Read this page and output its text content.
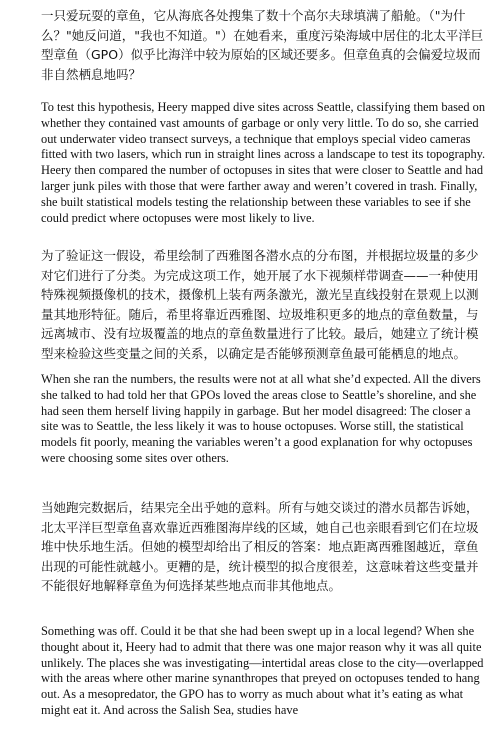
一只爱玩耍的章鱼，它从海底各处搜集了数十个高尔夫球填满了船舱。（"为什么？"她反问道，"我也不知道。"）在她看来，重度污染海域中居住的北太平洋巨型章鱼（GPO）似乎比海洋中较为原始的区域还要多。但章鱼真的会偏爱垃圾而非自然栖息地吗？

To test this hypothesis, Heery mapped dive sites across Seattle, classifying them based on whether they contained vast amounts of garbage or only very little. To do so, she carried out underwater video transect surveys, a technique that employs special video cameras fitted with two lasers, which run in straight lines across a landscape to test its topography. Heery then compared the number of octopuses in sites that were closer to Seattle and had larger junk piles with those that were farther away and weren’t covered in trash. Finally, she built statistical models testing the relationship between these variables to see if she could predict where octopuses were most likely to live.

为了验证这一假设，希里绘制了西雅图各潜水点的分布图，并根据垃圾量的多少对它们进行了分类。为完成这项工作，她开展了水下视频样带调查——一种使用特殊视频摄像机的技术，摄像机上装有两条激光，激光呈直线投射在景观上以测量其地形特征。随后，希里将靠近西雅图、垃圾堆积更多的地点的章鱼数量，与远离城市、没有垃圾覆盖的地点的章鱼数量进行了比较。最后，她建立了统计模型来检验这些变量之间的关系，以确定是否能够预测章鱼最可能栖息的地点。

When she ran the numbers, the results were not at all what she’d expected. All the divers she talked to had told her that GPOs loved the areas close to Seattle’s shoreline, and she had seen them herself living happily in garbage. But her model disagreed: The closer a site was to Seattle, the less likely it was to house octopuses. Worse still, the statistical models fit poorly, meaning the variables weren’t a good explanation for why octopuses were choosing some sites over others.

当她跑完数据后，结果完全出乎她的意料。所有与她交谈过的潜水员都告诉她，北太平洋巨型章鱼喜欢靠近西雅图海岸线的区域，她自己也亲眼看到它们在垃圾堆中快乐地生活。但她的模型却给出了相反的答案：地点距离西雅图越近，章鱼出现的可能性就越小。更糟的是，统计模型的拟合度很差，这意味着这些变量并不能很好地解释章鱼为何选择某些地点而非其他地点。

Something was off. Could it be that she had been swept up in a local legend? When she thought about it, Heery had to admit that there was one major reason why it was all quite unlikely. The places she was investigating—intertidal areas close to the city—overlapped with the areas where other marine synanthropes that preyed on octopuses tended to hang out. As a mesopredator, the GPO has to worry as much about what it’s eating as what might eat it. And across the Salish Sea, studies have
